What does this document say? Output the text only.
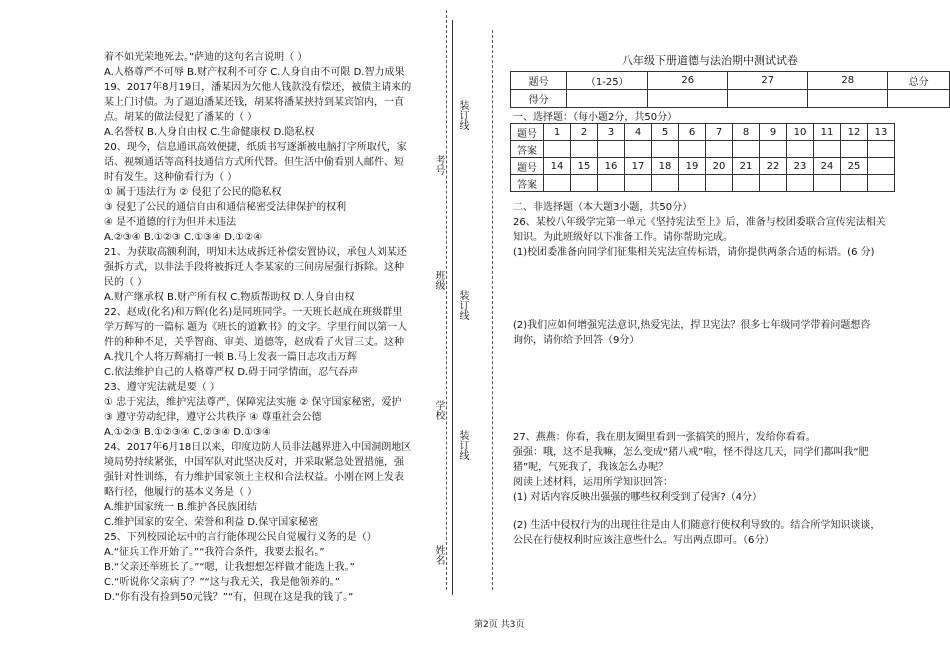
着不如光荣地死去。”萨迪的这句名言说明（ ）
A.人格尊严不可辱 B.财产权利不可夺 C.人身自由不可限 D.智力成果
19、2017年8月19日，潘某因为欠他人钱款没有偿还，被债主请来的
某上门讨债。为了逼迫潘某还钱，胡某将潘某挟持到某宾馆内，一直
点。胡某的做法侵犯了潘某的（ ）
A.名誉权 B.人身自由权 C.生命健康权 D.隐私权
20、现今，信息通讯高效便捷，纸质书写逐渐被电脑打字所取代，家
话、视频通话等高科技通信方式所代替。但生活中偷看别人邮件、短
时有发生。这种偷看行为（ ）
① 属于违法行为 ② 侵犯了公民的隐私权
③ 侵犯了公民的通信自由和通信秘密受法律保护的权利
④ 是不道德的行为但并未违法
A.②③④ B.①②③ C.①③④ D.①②④
21、为获取高额利润，明知未达成拆迁补偿安置协议，承包人刘某还
强拆方式，以非法手段将被拆迁人李某家的三间房屋强行拆除。这种
民的（ ）
A.财产继承权 B.财产所有权 C.物质帮助权 D.人身自由权
22、赵成(化名)和万辉(化名)是同班同学。一天班长赵成在班级群里
学万辉写的一篇标 题为《班长的道歉书》的文字。字里行间以第一人
件的种种不足，关乎智商、审美、道德等，赵成看了火冒三丈。这种
A.找几个人将万辉痛打一顿 B.马上发表一篇日志攻击万辉
C.依法维护自己的人格尊严权 D.碍于同学情面，忍气吞声
23、遵守宪法就是要（ ）
① 忠于宪法，维护宪法尊严，保障宪法实施 ② 保守国家秘密，爱护
③ 遵守劳动纪律，遵守公共秩序 ④ 尊重社会公德
A.①②③ B.①②③④ C.②③④ D.①③④
24、2017年6月18日以来，印度边防人员非法越界进入中国洞朗地区
境局势持续紧张，中国军队对此坚决反对，并采取紧急处置措施，强
强针对性训练，有力维护国家领土主权和合法权益。小刚在网上发表
略行径，他履行的基本义务是（ ）
A.维护国家统一 B.维护各民族团结
C.维护国家的安全、荣誉和利益 D.保守国家秘密
25、下列校园论坛中的言行能体现公民自觉履行义务的是（）
A.“征兵工作开始了。”“我符合条件，我要去报名。”
B.“父亲还举班长了。”“嗯，让我想想怎样做才能选上我。”
C.“听说你父亲病了？”“这与我无关，我是他领养的。”
D.“你有没有捡到50元钱？”“有，但现在这是我的钱了。”
装订线
考号
装订线
班级
学校
装订线
姓名
八年级下册道德与法治期中测试试卷
题号	（1-25）	26	27	28	总分
得分					
一、选择题：（每小题2分，共50分）
题号	1	2	3	4	5	6	7	8	9	10	11	12	13
答案													
题号	14	15	16	17	18	19	20	21	22	23	24	25	
答案													
二、非选择题（本大题3小题，共50分）
26、某校八年级学完第一单元《坚持宪法至上》后，准备与校团委联合宣传宪法相关
知识。为此班级好以下准备工作。请你帮助完成。
(1)校团委准备向同学们征集相关宪法宣传标语，请你提供两条合适的标语。(6 分)
(2)我们应如何增强宪法意识,热爱宪法，捍卫宪法？很多七年级同学带着问题想咨
询你，请你给予回答（9分）
27、燕燕：你看，我在朋友圈里看到一张搞笑的照片，发给你看看。
强强：哦，这不是我嘛，怎么变成“猪八戒”啦，怪不得这几天，同学们都叫我“肥
猪”呢，气死我了，我该怎么办呢？
阅读上述材料，运用所学知识回答：
(1) 对话内容反映出强强的哪些权利受到了侵害?（4分）
(2) 生活中侵权行为的出现往往是由人们随意行使权利导致的。结合所学知识谈谈，
公民在行使权利时应该注意些什么。写出两点即可。（6分）
第2页 共3页
